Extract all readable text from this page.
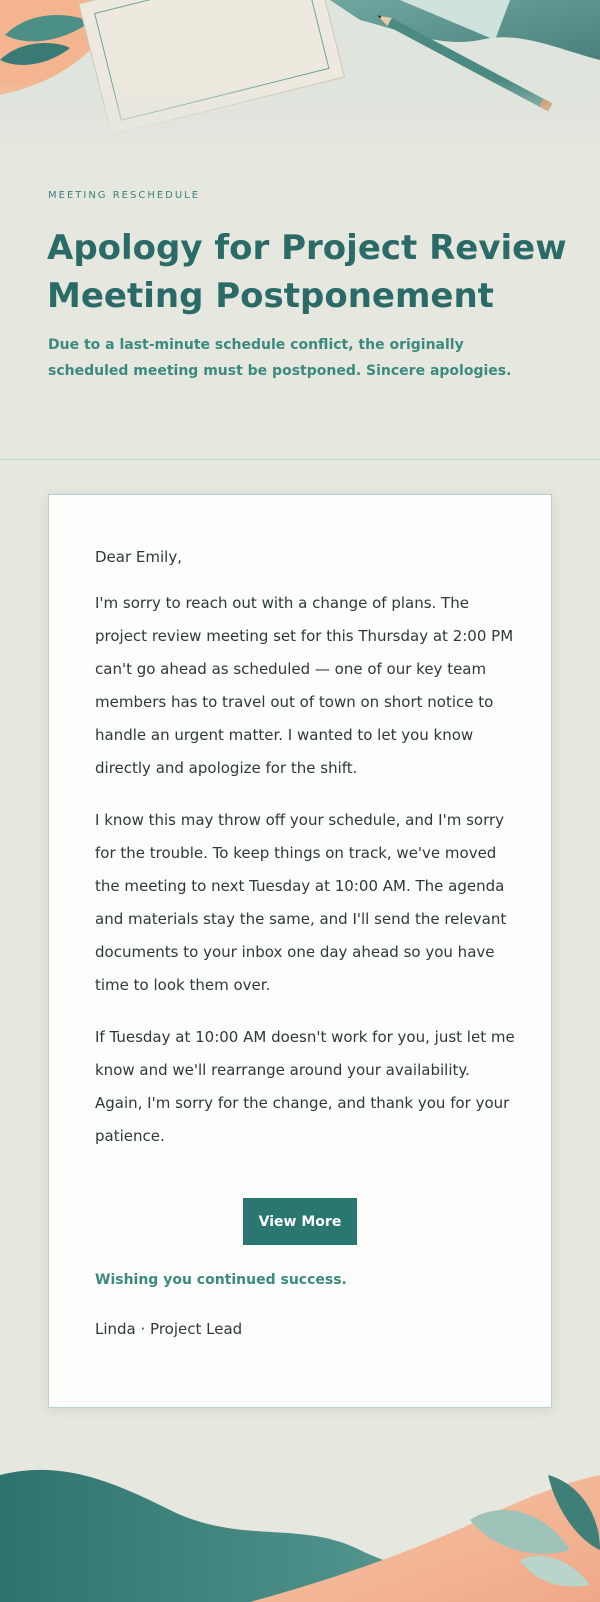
MEETING RESCHEDULE
Apology for Project Review Meeting Postponement

Due to a last-minute schedule conflict, the originally scheduled meeting must be postponed. Sincere apologies.

Dear Emily,

I'm sorry to reach out with a change of plans. The project review meeting set for this Thursday at 2:00 PM can't go ahead as scheduled — one of our key team members has to travel out of town on short notice to handle an urgent matter. I wanted to let you know directly and apologize for the shift.

I know this may throw off your schedule, and I'm sorry for the trouble. To keep things on track, we've moved the meeting to next Tuesday at 10:00 AM. The agenda and materials stay the same, and I'll send the relevant documents to your inbox one day ahead so you have time to look them over.

If Tuesday at 10:00 AM doesn't work for you, just let me know and we'll rearrange around your availability. Again, I'm sorry for the change, and thank you for your patience.

View More

Wishing you continued success.

Linda · Project Lead
